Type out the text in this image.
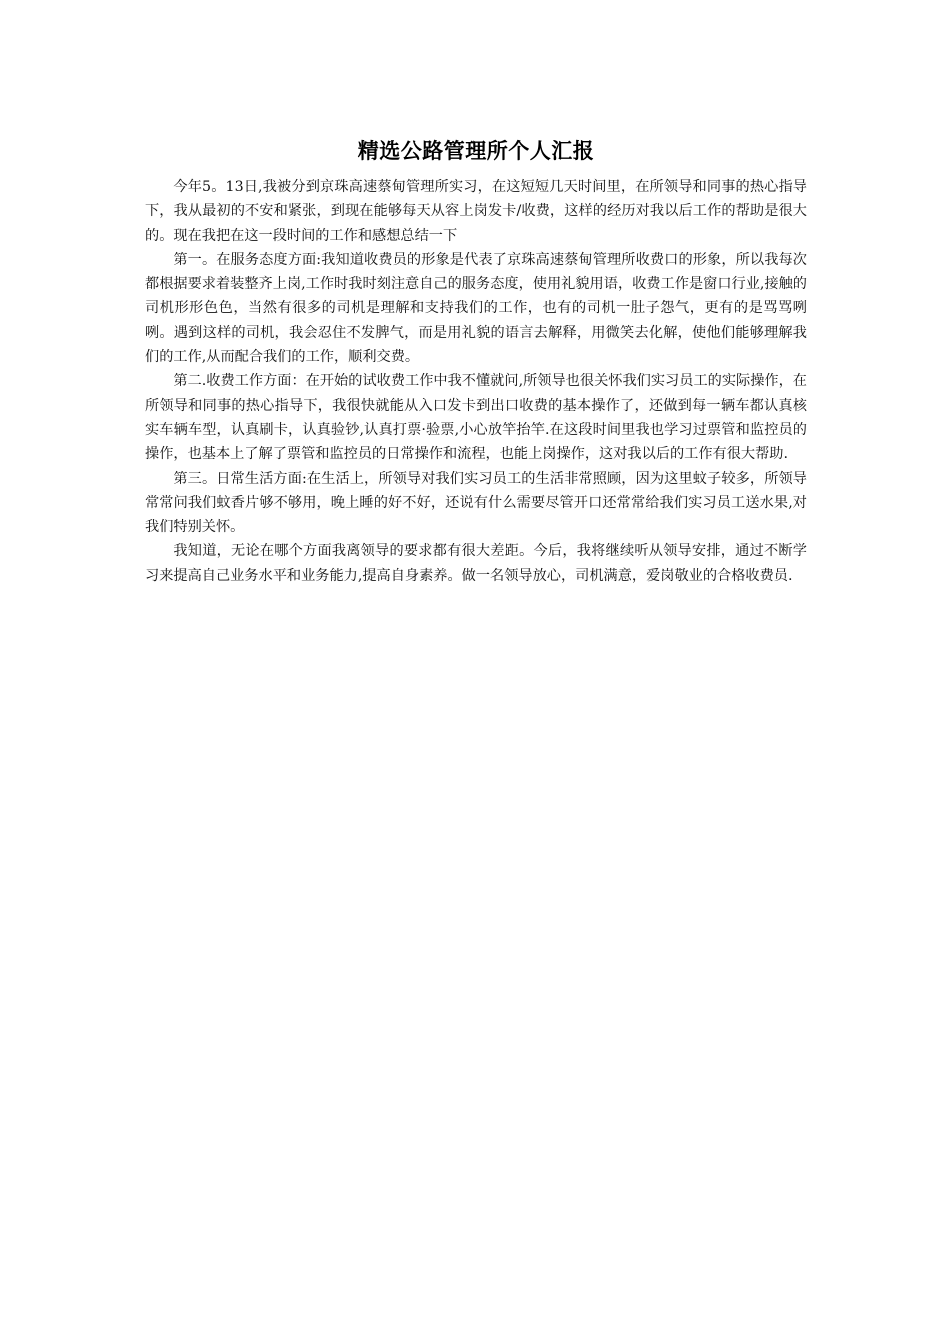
精选公路管理所个人汇报

今年5。13日,我被分到京珠高速蔡甸管理所实习，在这短短几天时间里，在所领导和同事的热心指导下，我从最初的不安和紧张，到现在能够每天从容上岗发卡/收费，这样的经历对我以后工作的帮助是很大的。现在我把在这一段时间的工作和感想总结一下

第一。在服务态度方面:我知道收费员的形象是代表了京珠高速蔡甸管理所收费口的形象，所以我每次都根据要求着装整齐上岗,工作时我时刻注意自己的服务态度，使用礼貌用语，收费工作是窗口行业,接触的司机形形色色，当然有很多的司机是理解和支持我们的工作，也有的司机一肚子怨气，更有的是骂骂咧咧。遇到这样的司机，我会忍住不发脾气，而是用礼貌的语言去解释，用微笑去化解，使他们能够理解我们的工作,从而配合我们的工作，顺利交费。

第二.收费工作方面：在开始的试收费工作中我不懂就问,所领导也很关怀我们实习员工的实际操作，在所领导和同事的热心指导下，我很快就能从入口发卡到出口收费的基本操作了，还做到每一辆车都认真核实车辆车型，认真刷卡，认真验钞,认真打票·验票,小心放竿抬竿.在这段时间里我也学习过票管和监控员的操作，也基本上了解了票管和监控员的日常操作和流程，也能上岗操作，这对我以后的工作有很大帮助.

第三。日常生活方面:在生活上，所领导对我们实习员工的生活非常照顾，因为这里蚊子较多，所领导常常问我们蚊香片够不够用，晚上睡的好不好，还说有什么需要尽管开口还常常给我们实习员工送水果,对我们特别关怀。

我知道，无论在哪个方面我离领导的要求都有很大差距。今后，我将继续听从领导安排，通过不断学习来提高自己业务水平和业务能力,提高自身素养。做一名领导放心，司机满意，爱岗敬业的合格收费员.
